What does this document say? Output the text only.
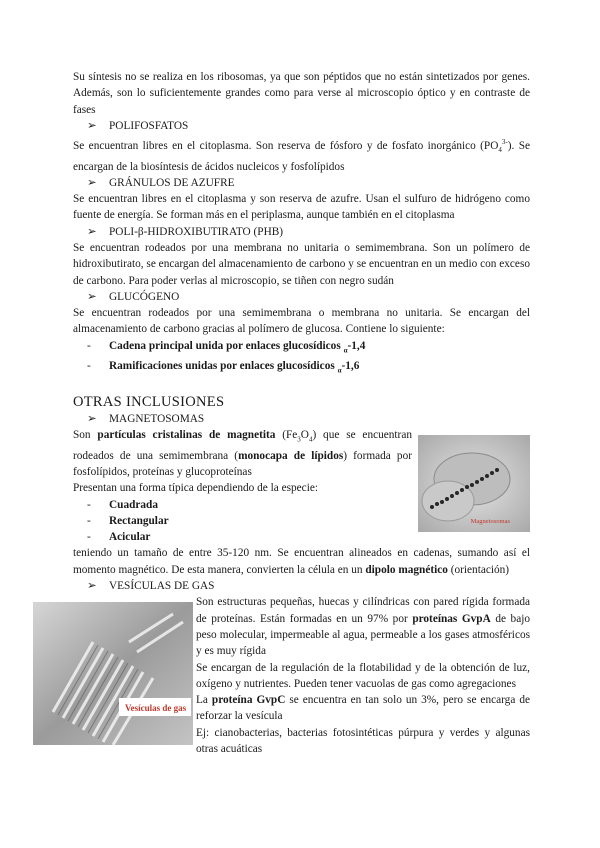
Su síntesis no se realiza en los ribosomas, ya que son péptidos que no están sintetizados por genes. Además, son lo suficientemente grandes como para verse al microscopio óptico y en contraste de fases

➢ POLIFOSFATOS

Se encuentran libres en el citoplasma. Son reserva de fósforo y de fosfato inorgánico $(PO_4^{3-})$. Se encargan de la biosíntesis de ácidos nucleicos y fosfolípidos

➢ GRÁNULOS DE AZUFRE

Se encuentran libres en el citoplasma y son reserva de azufre. Usan el sulfuro de hidrógeno como fuente de energía. Se forman más en el periplasma, aunque también en el citoplasma

➢ POLI-β-HIDROXIBUTIRATO (PHB)

Se encuentran rodeados por una membrana no unitaria o semimembrana. Son un polímero de hidroxibutirato, se encargan del almacenamiento de carbono y se encuentran en un medio con exceso de carbono. Para poder verlas al microscopio, se tiñen con negro sudán

➢ GLUCÓGENO

Se encuentran rodeados por una semimembrana o membrana no unitaria. Se encargan del almacenamiento de carbono gracias al polímero de glucosa. Contiene lo siguiente:

-	Cadena principal unida por enlaces glucosídicos $_\alpha$-1,4
-	Ramificaciones unidas por enlaces glucosídicos $_\alpha$-1,6
OTRAS INCLUSIONES

➢ MAGNETOSOMAS

Son partículas cristalinas de magnetita $(Fe_3O_4)$ que se encuentran rodeados de una semimembrana (monocapa de lípidos) formada por fosfolípidos, proteínas y glucoproteínas

Presentan una forma típica dependiendo de la especie:

-	Cuadrada
-	Rectangular
-	Acicular
Magnetosomas

teniendo un tamaño de entre 35-120 nm. Se encuentran alineados en cadenas, sumando así el momento magnético. De esta manera, convierten la célula en un dipolo magnético (orientación)

➢ VESÍCULAS DE GAS

Vesículas de gas

Son estructuras pequeñas, huecas y cilíndricas con pared rígida formada de proteínas. Están formadas en un 97% por proteínas GvpA de bajo peso molecular, impermeable al agua, permeable a los gases atmosféricos y es muy rígida

Se encargan de la regulación de la flotabilidad y de la obtención de luz, oxígeno y nutrientes. Pueden tener vacuolas de gas como agregaciones

La proteína GvpC se encuentra en tan solo un 3%, pero se encarga de reforzar la vesícula

Ej: cianobacterias, bacterias fotosintéticas púrpura y verdes y algunas otras acuáticas
